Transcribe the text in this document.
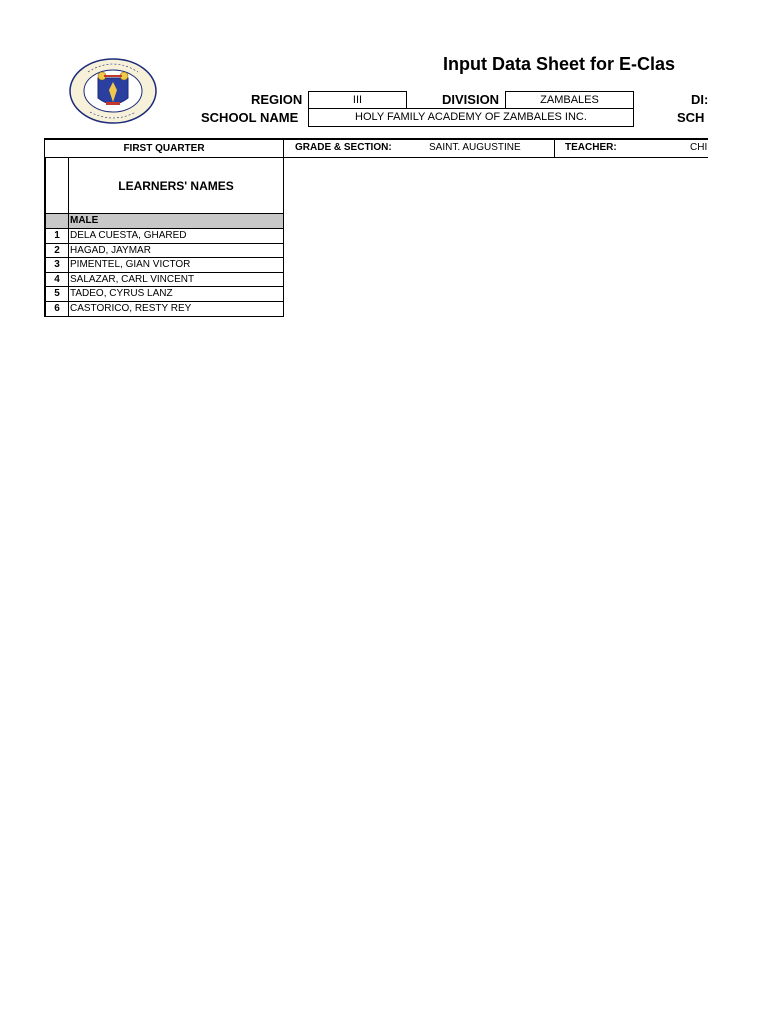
Input Data Sheet for E-Clas
REGION	III	DIVISION	ZAMBALES	DI:
SCHOOL NAME	HOLY FAMILY ACADEMY OF ZAMBALES INC.	SCH
FIRST QUARTER	GRADE & SECTION:	SAINT. AUGUSTINE	TEACHER:	CHI
LEARNERS' NAMES
MALE
1	DELA CUESTA, GHARED
2	HAGAD, JAYMAR
3	PIMENTEL, GIAN VICTOR
4	SALAZAR, CARL VINCENT
5	TADEO, CYRUS LANZ
6	CASTORICO, RESTY REY
